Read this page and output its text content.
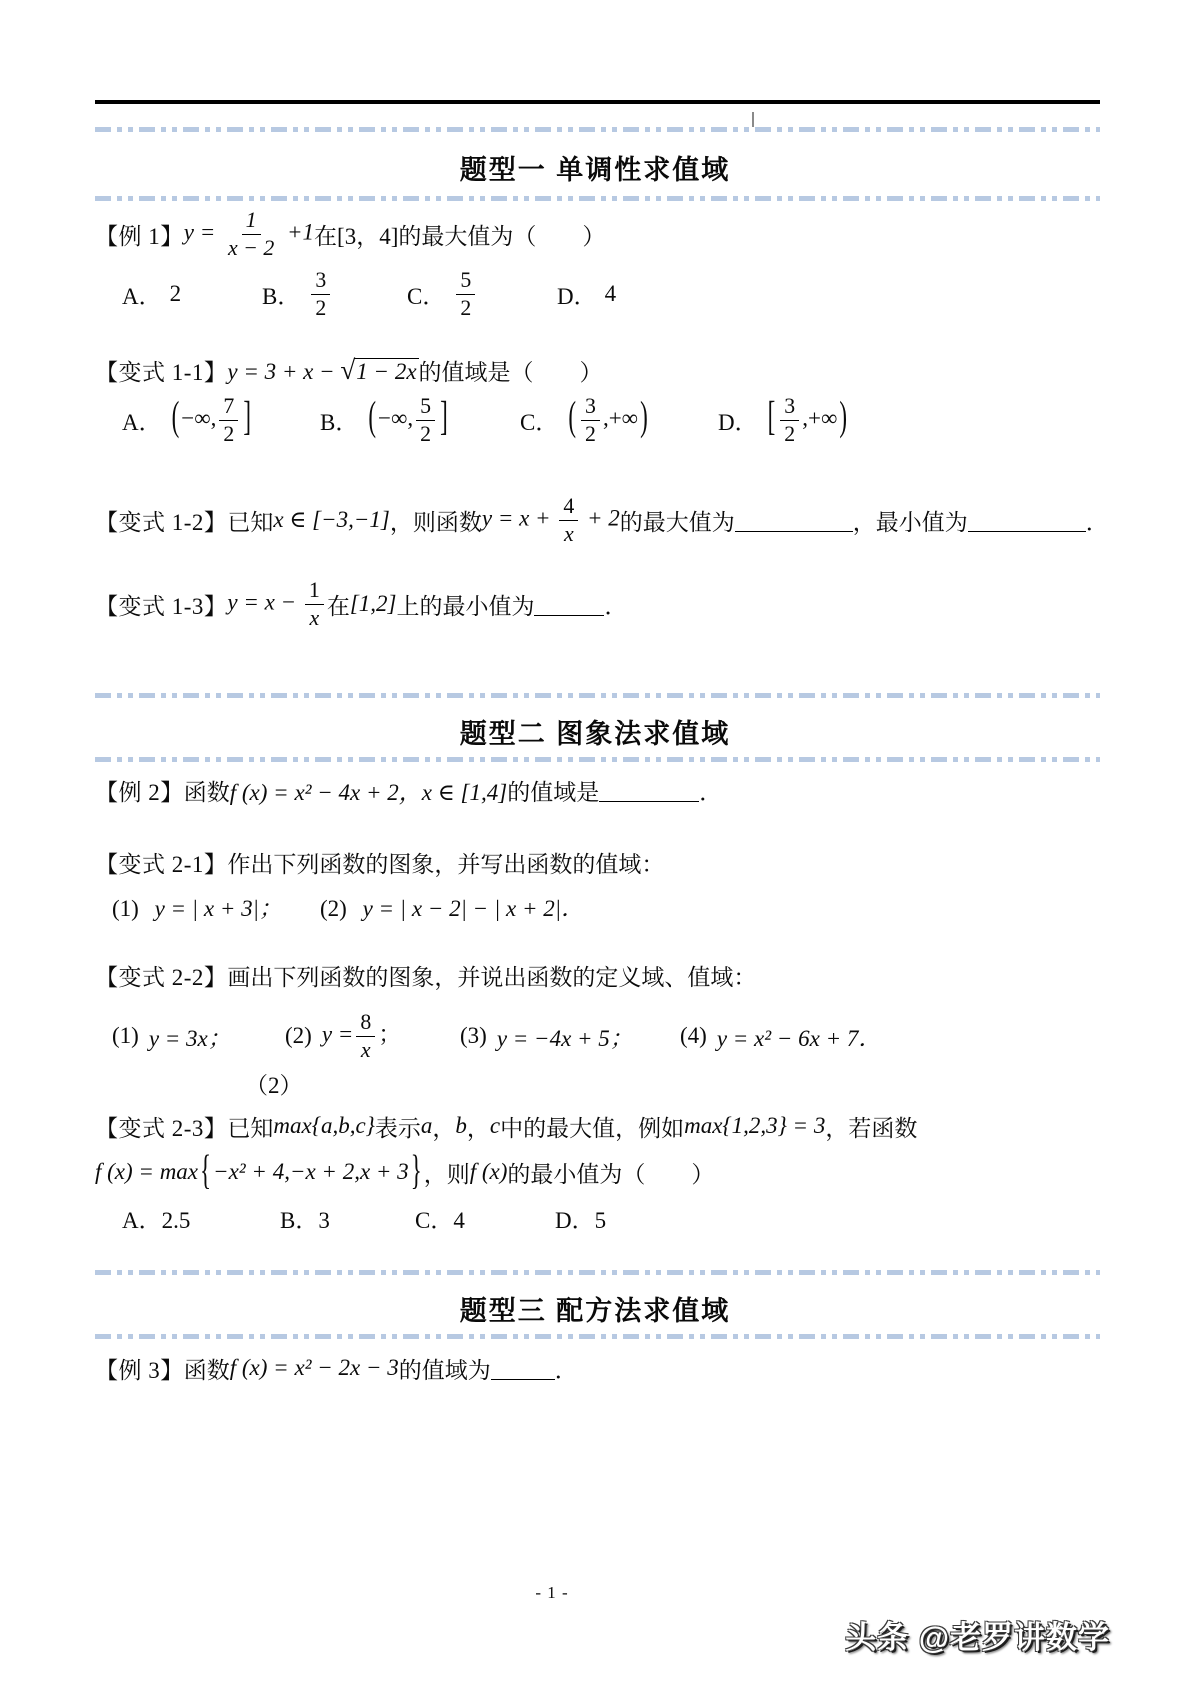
题型一 单调性求值域
【例 1】 $y = \frac{1}{x - 2} +1$ 在[3，4]的最大值为 （　　）
A． 2	B． $\frac{3}{2}$	C． $\frac{5}{2}$	D． 4
【变式 1-1】 y = 3 + x − √1 − 2x 的值域是 （　　）
A． (−∞, $\frac{7}{2}$ ]	B． (−∞, $\frac{5}{2}$ ]	C． ( $\frac{3}{2}$ ,+∞)	D． [ $\frac{3}{2}$ ,+∞)
【变式 1-2】 已知 x ∈ [−3,−1] ，则函数 $y = x + \frac{4}{x} + 2$ 的最大值为	，最小值为	．
【变式 1-3】 $y = x - \frac{1}{x}$ 在 [1,2] 上的最小值为	．
题型二 图象法求值域
【例 2】 函数 f (x) = x² − 4x + 2，x ∈ [1,4] 的值域是	．
【变式 2-1】 作出下列函数的图象，并写出函数的值域：
(1) y = | x + 3|；	(2) y = | x − 2| − | x + 2|．
【变式 2-2】 画出下列函数的图象，并说出函数的定义域、值域：
(1) y = 3x； (2) $y = \frac{8}{x}$ ；	(3) y = −4x + 5； (4) y = x² − 6x + 7．
（2）
【变式 2-3】 已知 max{a,b,c} 表示 a ， b ， c 中的最大值，例如 max{1,2,3} = 3 ，若函数
f (x) = max{−x² + 4,−x + 2,x + 3} ，则 f (x) 的最小值为 （　　）
A．2.5	B．3	C．4	D．5
题型三 配方法求值域
【例 3】 函数 f (x) = x² − 2x − 3 的值域为	．
- 1 -
头条 @老罗讲数学
